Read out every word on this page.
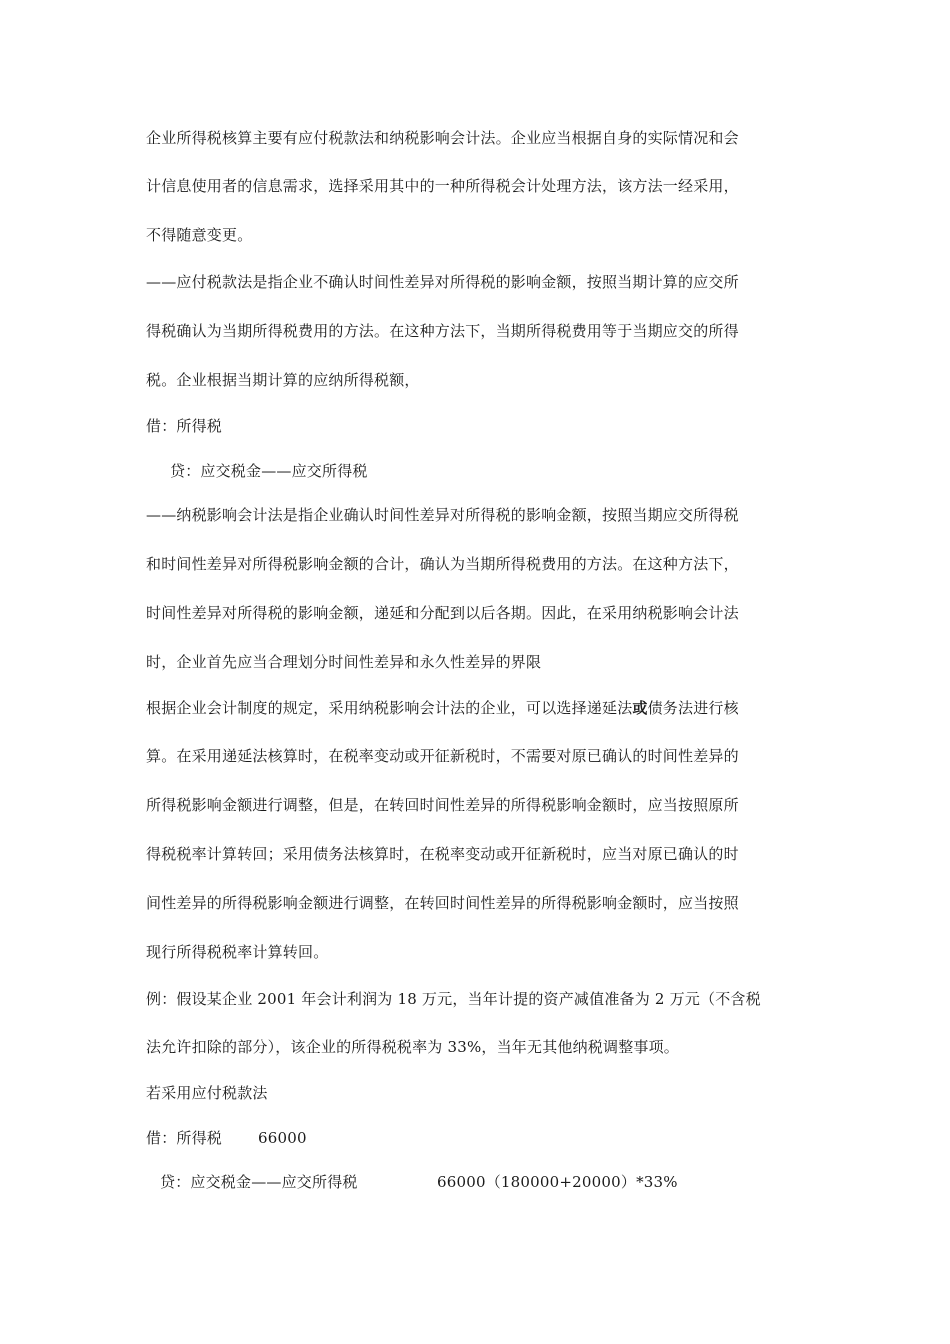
企业所得税核算主要有应付税款法和纳税影响会计法。企业应当根据自身的实际情况和会
计信息使用者的信息需求，选择采用其中的一种所得税会计处理方法，该方法一经采用，
不得随意变更。
——应付税款法是指企业不确认时间性差异对所得税的影响金额，按照当期计算的应交所
得税确认为当期所得税费用的方法。在这种方法下，当期所得税费用等于当期应交的所得
税。企业根据当期计算的应纳所得税额，
借：所得税
贷：应交税金——应交所得税
——纳税影响会计法是指企业确认时间性差异对所得税的影响金额，按照当期应交所得税
和时间性差异对所得税影响金额的合计，确认为当期所得税费用的方法。在这种方法下，
时间性差异对所得税的影响金额，递延和分配到以后各期。因此，在采用纳税影响会计法
时，企业首先应当合理划分时间性差异和永久性差异的界限
根据企业会计制度的规定，采用纳税影响会计法的企业，可以选择递延法或债务法进行核
算。在采用递延法核算时，在税率变动或开征新税时，不需要对原已确认的时间性差异的
所得税影响金额进行调整，但是，在转回时间性差异的所得税影响金额时，应当按照原所
得税税率计算转回；采用债务法核算时，在税率变动或开征新税时，应当对原已确认的时
间性差异的所得税影响金额进行调整，在转回时间性差异的所得税影响金额时，应当按照
现行所得税税率计算转回。
例：假设某企业 2001 年会计利润为 18 万元，当年计提的资产减值准备为 2 万元（不含税
法允许扣除的部分），该企业的所得税税率为 33%，当年无其他纳税调整事项。
若采用应付税款法
借：所得税 66000
贷：应交税金——应交所得税	66000（180000+20000）*33%
